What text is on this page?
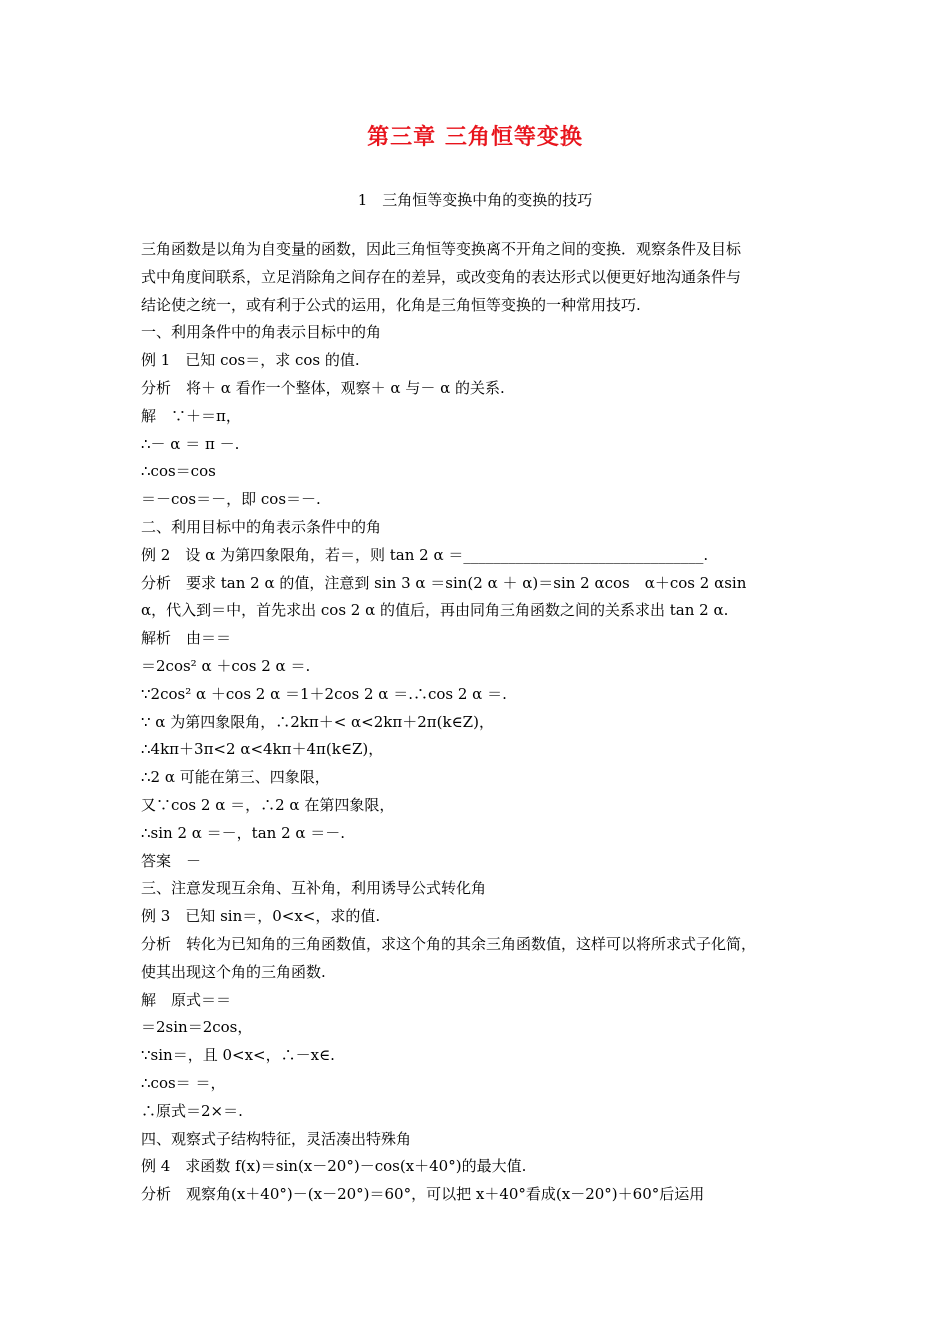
第三章 三角恒等变换
1　三角恒等变换中角的变换的技巧
三角函数是以角为自变量的函数，因此三角恒等变换离不开角之间的变换．观察条件及目标
式中角度间联系，立足消除角之间存在的差异，或改变角的表达形式以便更好地沟通条件与
结论使之统一，或有利于公式的运用，化角是三角恒等变换的一种常用技巧.
一、利用条件中的角表示目标中的角
例 1　已知 cos＝，求 cos 的值.
分析　将＋ α 看作一个整体，观察＋ α 与－ α 的关系.
解　∵＋＝π，
∴－ α ＝ π －.
∴cos＝cos
＝－cos＝－，即 cos＝－.
二、利用目标中的角表示条件中的角
例 2　设 α 为第四象限角，若＝，则 tan 2 α ＝________________________________.
分析　要求 tan 2 α 的值，注意到 sin 3 α ＝sin(2 α ＋ α)＝sin 2 αcos　α＋cos 2 αsin
α，代入到＝中，首先求出 cos 2 α 的值后，再由同角三角函数之间的关系求出 tan 2 α.
解析　由＝＝
＝2cos² α ＋cos 2 α ＝.
∵2cos² α ＋cos 2 α ＝1＋2cos 2 α ＝.∴cos 2 α ＝.
∵ α 为第四象限角，∴2kπ＋< α<2kπ＋2π(k∈Z)，
∴4kπ＋3π<2 α<4kπ＋4π(k∈Z)，
∴2 α 可能在第三、四象限，
又∵cos 2 α ＝，∴2 α 在第四象限，
∴sin 2 α ＝－，tan 2 α ＝－.
答案　－
三、注意发现互余角、互补角，利用诱导公式转化角
例 3　已知 sin＝，0<x<，求的值.
分析　转化为已知角的三角函数值，求这个角的其余三角函数值，这样可以将所求式子化简，
使其出现这个角的三角函数.
解　原式＝＝
＝2sin＝2cos，
∵sin＝，且 0<x<，∴－x∈.
∴cos＝ ＝，
∴原式＝2×＝.
四、观察式子结构特征，灵活凑出特殊角
例 4　求函数 f(x)＝sin(x－20°)－cos(x＋40°)的最大值.
分析　观察角(x＋40°)－(x－20°)＝60°，可以把 x＋40°看成(x－20°)＋60°后运用
